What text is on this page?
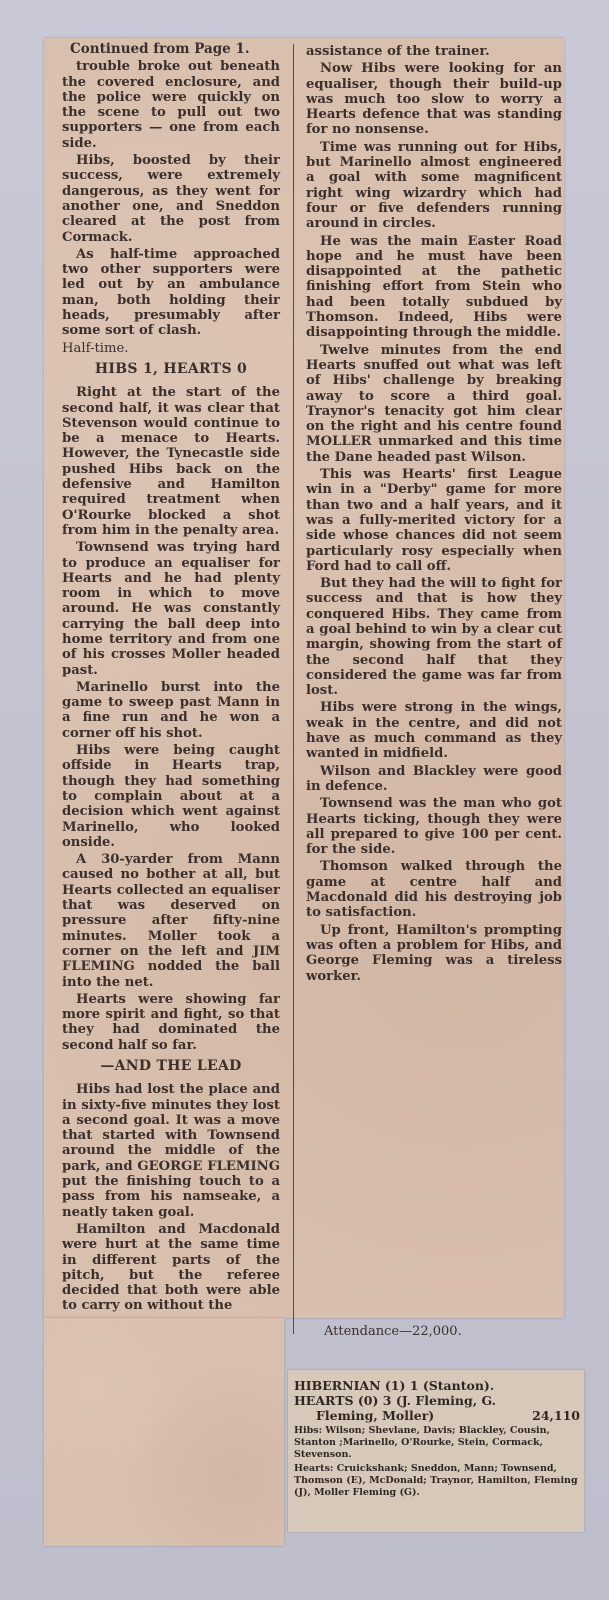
Continued from Page 1.

trouble broke out beneath the covered enclosure, and the police were quickly on the scene to pull out two supporters — one from each side.

Hibs, boosted by their success, were extremely dangerous, as they went for another one, and Sneddon cleared at the post from Cormack.

As half-time approached two other supporters were led out by an ambulance man, both holding their heads, presumably after some sort of clash.

Half-time.

HIBS 1, HEARTS 0

Right at the start of the second half, it was clear that Stevenson would continue to be a menace to Hearts. However, the Tynecastle side pushed Hibs back on the defensive and Hamilton required treatment when O'Rourke blocked a shot from him in the penalty area.

Townsend was trying hard to produce an equaliser for Hearts and he had plenty room in which to move around. He was constantly carrying the ball deep into home territory and from one of his crosses Moller headed past.

Marinello burst into the game to sweep past Mann in a fine run and he won a corner off his shot.

Hibs were being caught offside in Hearts trap, though they had something to complain about at a decision which went against Marinello, who looked onside.

A 30-yarder from Mann caused no bother at all, but Hearts collected an equaliser that was deserved on pressure after fifty-nine minutes. Moller took a corner on the left and JIM FLEMING nodded the ball into the net.

Hearts were showing far more spirit and fight, so that they had dominated the second half so far.

—AND THE LEAD

Hibs had lost the place and in sixty-five minutes they lost a second goal. It was a move that started with Townsend around the middle of the park, and GEORGE FLEMING put the finishing touch to a pass from his namseake, a neatly taken goal.

Hamilton and Macdonald were hurt at the same time in different parts of the pitch, but the referee decided that both were able to carry on without the

assistance of the trainer.

Now Hibs were looking for an equaliser, though their build-up was much too slow to worry a Hearts defence that was standing for no nonsense.

Time was running out for Hibs, but Marinello almost engineered a goal with some magnificent right wing wizardry which had four or five defenders running around in circles.

He was the main Easter Road hope and he must have been disappointed at the pathetic finishing effort from Stein who had been totally subdued by Thomson. Indeed, Hibs were disappointing through the middle.

Twelve minutes from the end Hearts snuffed out what was left of Hibs' challenge by breaking away to score a third goal. Traynor's tenacity got him clear on the right and his centre found MOLLER unmarked and this time the Dane headed past Wilson.

This was Hearts' first League win in a "Derby" game for more than two and a half years, and it was a fully-merited victory for a side whose chances did not seem particularly rosy especially when Ford had to call off.

But they had the will to fight for success and that is how they conquered Hibs. They came from a goal behind to win by a clear cut margin, showing from the start of the second half that they considered the game was far from lost.

Hibs were strong in the wings, weak in the centre, and did not have as much command as they wanted in midfield.

Wilson and Blackley were good in defence.

Townsend was the man who got Hearts ticking, though they were all prepared to give 100 per cent. for the side.

Thomson walked through the game at centre half and Macdonald did his destroying job to satisfaction.

Up front, Hamilton's prompting was often a problem for Hibs, and George Fleming was a tireless worker.

Attendance—22,000.
HIBERNIAN (1) 1 (Stanton).
HEARTS (0) 3 (J. Fleming, G.
Fleming, Moller)	24,110
Hibs: Wilson; Shevlane, Davis; Blackley, Cousin, Stanton ;Marinello, O'Rourke, Stein, Cormack, Stevenson.
Hearts: Cruickshank; Sneddon, Mann; Townsend, Thomson (E), McDonald; Traynor, Hamilton, Fleming (J), Moller Fleming (G).
